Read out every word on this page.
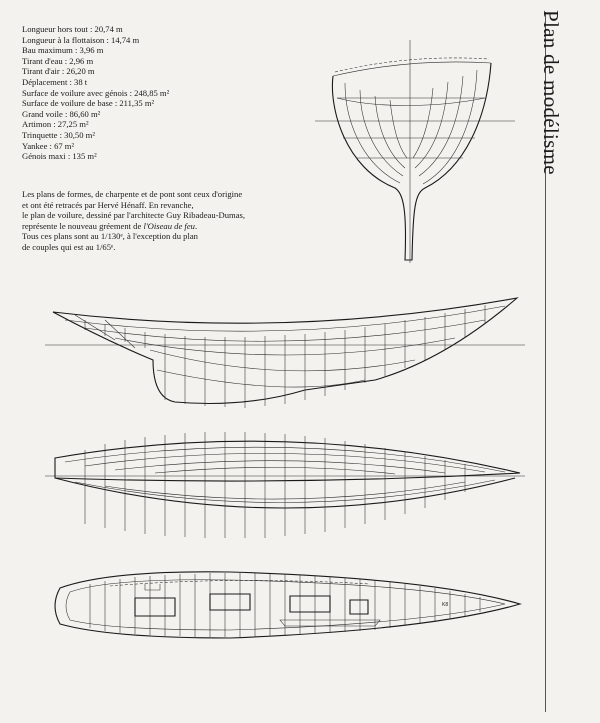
Longueur hors tout : 20,74 m
Longueur à la flottaison : 14,74 m
Bau maximum : 3,96 m
Tirant d'eau : 2,96 m
Tirant d'air : 26,20 m
Déplacement : 38 t
Surface de voilure avec génois : 248,85 m²
Surface de voilure de base : 211,35 m²
Grand voile : 86,60 m²
Artimon : 27,25 m²
Trinquette : 30,50 m²
Yankee : 67 m²
Génois maxi : 135 m²
Les plans de formes, de charpente et de pont sont ceux d'origine
et ont été retracés par Hervé Hénaff. En revanche,
le plan de voilure, dessiné par l'architecte Guy Ribadeau-Dumas,
représente le nouveau gréement de l'Oiseau de feu.
Tous ces plans sont au 1/130ᵉ, à l'exception du plan
de couples qui est au 1/65ᵉ.
Plan de modélisme
K8
